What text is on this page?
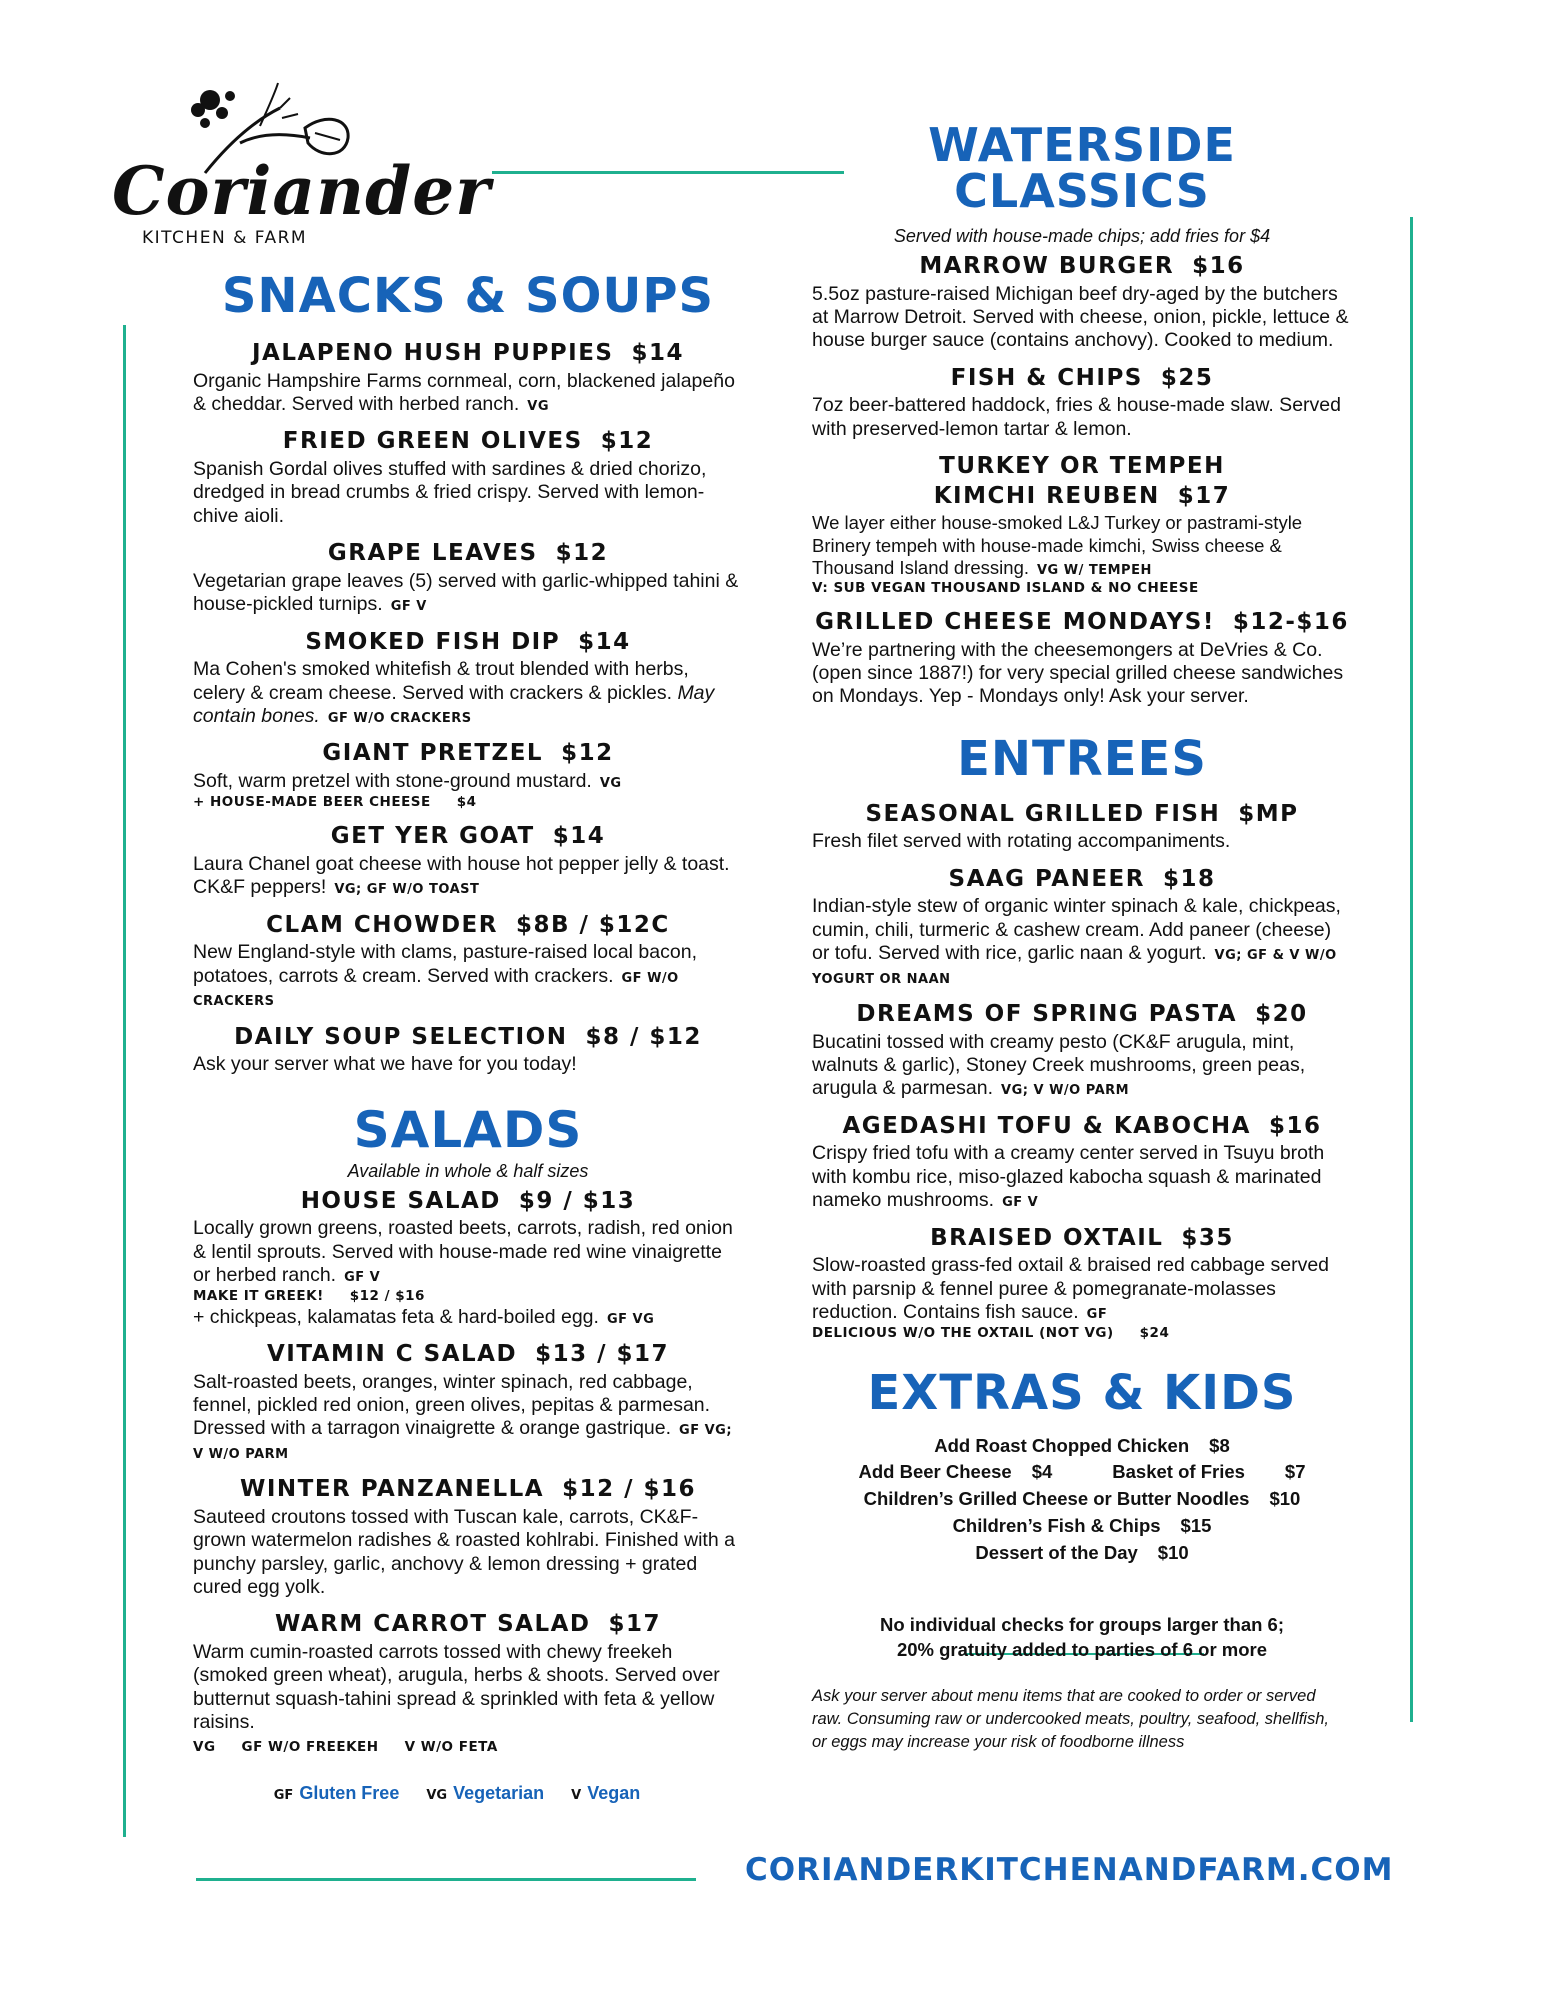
Coriander
KITCHEN & FARM
SNACKS & SOUPS

JALAPENO HUSH PUPPIES $14

Organic Hampshire Farms cornmeal, corn, blackened jalapeño & cheddar. Served with herbed ranch. VG

FRIED GREEN OLIVES $12

Spanish Gordal olives stuffed with sardines & dried chorizo, dredged in bread crumbs & fried crispy. Served with lemon-chive aioli.

GRAPE LEAVES $12

Vegetarian grape leaves (5) served with garlic-whipped tahini & house-pickled turnips. GF V

SMOKED FISH DIP $14

Ma Cohen's smoked whitefish & trout blended with herbs, celery & cream cheese. Served with crackers & pickles. May contain bones. GF W/O CRACKERS

GIANT PRETZEL $12

Soft, warm pretzel with stone-ground mustard. VG

+ HOUSE-MADE BEER CHEESE     $4

GET YER GOAT $14

Laura Chanel goat cheese with house hot pepper jelly & toast. CK&F peppers! VG; GF W/O TOAST

CLAM CHOWDER $8B / $12C

New England-style with clams, pasture-raised local bacon, potatoes, carrots & cream. Served with crackers. GF W/O CRACKERS

DAILY SOUP SELECTION $8 / $12

Ask your server what we have for you today!

SALADS

Available in whole & half sizes

HOUSE SALAD $9 / $13

Locally grown greens, roasted beets, carrots, radish, red onion & lentil sprouts. Served with house-made red wine vinaigrette or herbed ranch. GF V

MAKE IT GREEK!     $12 / $16

+ chickpeas, kalamatas feta & hard-boiled egg. GF VG

VITAMIN C SALAD $13 / $17

Salt-roasted beets, oranges, winter spinach, red cabbage, fennel, pickled red onion, green olives, pepitas & parmesan. Dressed with a tarragon vinaigrette & orange gastrique. GF VG; V W/O PARM

WINTER PANZANELLA $12 / $16

Sauteed croutons tossed with Tuscan kale, carrots, CK&F-grown watermelon radishes & roasted kohlrabi. Finished with a punchy parsley, garlic, anchovy & lemon dressing + grated cured egg yolk.

WARM CARROT SALAD $17

Warm cumin-roasted carrots tossed with chewy freekeh (smoked green wheat), arugula, herbs & shoots. Served over butternut squash-tahini spread & sprinkled with feta & yellow raisins.

VG     GF W/O FREEKEH     V W/O FETA
GF Gluten Free VG Vegetarian V Vegan
WATERSIDE
CLASSICS

Served with house-made chips; add fries for $4

MARROW BURGER $16

5.5oz pasture-raised Michigan beef dry-aged by the butchers at Marrow Detroit. Served with cheese, onion, pickle, lettuce & house burger sauce (contains anchovy). Cooked to medium.

FISH & CHIPS $25

7oz beer-battered haddock, fries & house-made slaw. Served with preserved-lemon tartar & lemon.

TURKEY OR TEMPEH

KIMCHI REUBEN $17

We layer either house-smoked L&J Turkey or pastrami-style Brinery tempeh with house-made kimchi, Swiss cheese & Thousand Island dressing. VG W/ TEMPEH

V: SUB VEGAN THOUSAND ISLAND & NO CHEESE

GRILLED CHEESE MONDAYS! $12-$16

We’re partnering with the cheesemongers at DeVries & Co. (open since 1887!) for very special grilled cheese sandwiches on Mondays. Yep - Mondays only! Ask your server.

ENTREES

SEASONAL GRILLED FISH $MP

Fresh filet served with rotating accompaniments.

SAAG PANEER $18

Indian-style stew of organic winter spinach & kale, chickpeas, cumin, chili, turmeric & cashew cream. Add paneer (cheese) or tofu. Served with rice, garlic naan & yogurt. VG; GF & V W/O YOGURT OR NAAN

DREAMS OF SPRING PASTA $20

Bucatini tossed with creamy pesto (CK&F arugula, mint, walnuts & garlic), Stoney Creek mushrooms, green peas, arugula & parmesan. VG; V W/O PARM

AGEDASHI TOFU & KABOCHA $16

Crispy fried tofu with a creamy center served in Tsuyu broth with kombu rice, miso-glazed kabocha squash & marinated nameko mushrooms. GF V

BRAISED OXTAIL $35

Slow-roasted grass-fed oxtail & braised red cabbage served with parsnip & fennel puree & pomegranate-molasses reduction. Contains fish sauce. GF

DELICIOUS W/O THE OXTAIL (NOT VG)     $24
EXTRAS & KIDS
Add Roast Chopped Chicken $8
Add Beer Cheese $4	Basket of Fries $7
Children’s Grilled Cheese or Butter Noodles $10
Children’s Fish & Chips $15
Dessert of the Day $10
No individual checks for groups larger than 6;
20% gratuity added to parties of 6 or more

Ask your server about menu items that are cooked to order or served raw. Consuming raw or undercooked meats, poultry, seafood, shellfish, or eggs may increase your risk of foodborne illness

CORIANDERKITCHENANDFARM.COM
